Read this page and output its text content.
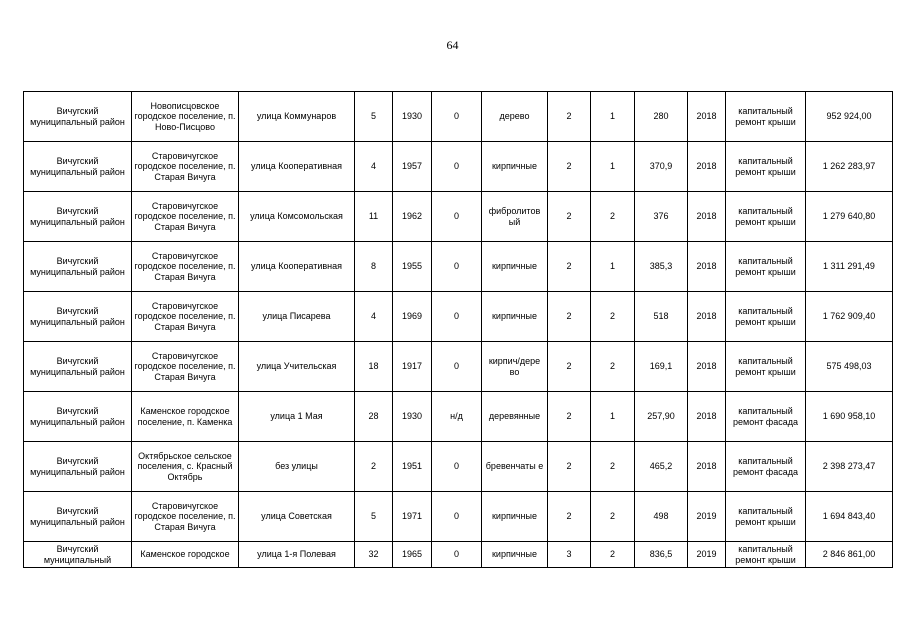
64
Вичугский муниципальный район	Новописцовское городское поселение, п. Ново-Писцово	улица Коммунаров	5	1930	0	дерево	2	1	280	2018	капитальный ремонт крыши	952 924,00
Вичугский муниципальный район	Старовичугское городское поселение, п. Старая Вичуга	улица Кооперативная	4	1957	0	кирпичные	2	1	370,9	2018	капитальный ремонт крыши	1 262 283,97
Вичугский муниципальный район	Старовичугское городское поселение, п. Старая Вичуга	улица Комсомольская	11	1962	0	фибролитов ый	2	2	376	2018	капитальный ремонт крыши	1 279 640,80
Вичугский муниципальный район	Старовичугское городское поселение, п. Старая Вичуга	улица Кооперативная	8	1955	0	кирпичные	2	1	385,3	2018	капитальный ремонт крыши	1 311 291,49
Вичугский муниципальный район	Старовичугское городское поселение, п. Старая Вичуга	улица Писарева	4	1969	0	кирпичные	2	2	518	2018	капитальный ремонт крыши	1 762 909,40
Вичугский муниципальный район	Старовичугское городское поселение, п. Старая Вичуга	улица Учительская	18	1917	0	кирпич/дере во	2	2	169,1	2018	капитальный ремонт крыши	575 498,03
Вичугский муниципальный район	Каменское городское поселение, п. Каменка	улица 1 Мая	28	1930	н/д	деревянные	2	1	257,90	2018	капитальный ремонт фасада	1 690 958,10
Вичугский муниципальный район	Октябрьское сельское поселения, с. Красный Октябрь	без улицы	2	1951	0	бревенчаты е	2	2	465,2	2018	капитальный ремонт фасада	2 398 273,47
Вичугский муниципальный район	Старовичугское городское поселение, п. Старая Вичуга	улица Советская	5	1971	0	кирпичные	2	2	498	2019	капитальный ремонт крыши	1 694 843,40
Вичугский муниципальный	Каменское городское	улица 1-я Полевая	32	1965	0	кирпичные	3	2	836,5	2019	капитальный ремонт крыши	2 846 861,00
